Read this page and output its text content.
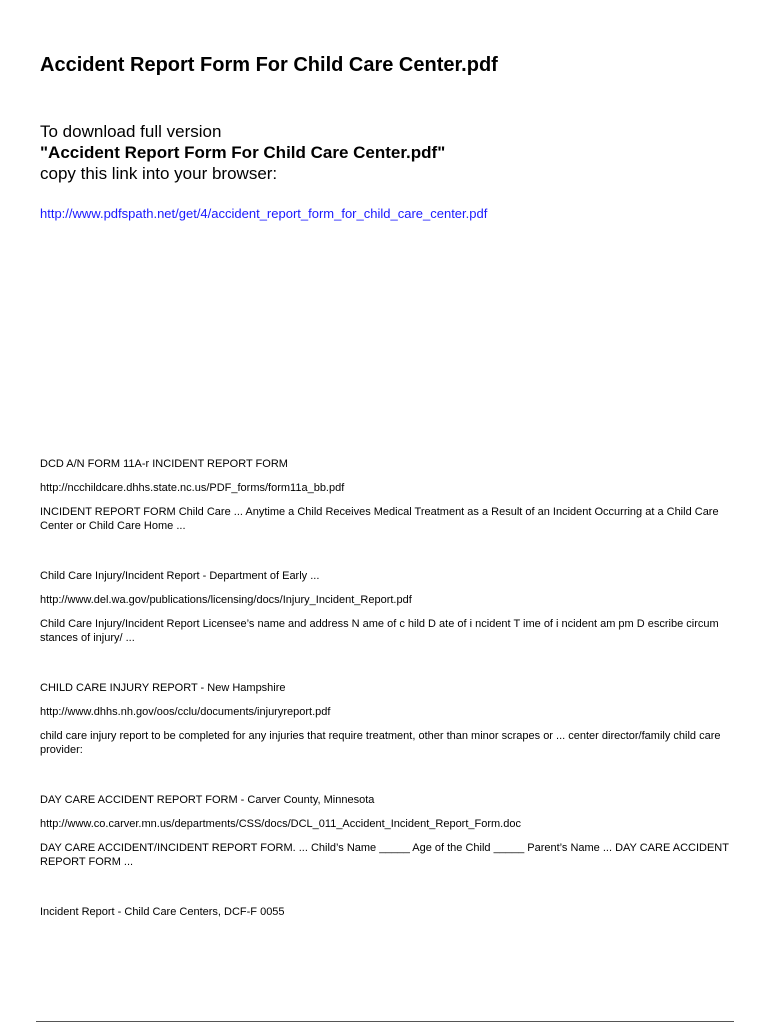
Accident Report Form For Child Care Center.pdf
To download full version
"Accident Report Form For Child Care Center.pdf"
copy this link into your browser:
http://www.pdfspath.net/get/4/accident_report_form_for_child_care_center.pdf
DCD A/N FORM 11A-r INCIDENT REPORT FORM
http://ncchildcare.dhhs.state.nc.us/PDF_forms/form11a_bb.pdf
INCIDENT REPORT FORM Child Care ... Anytime a Child Receives Medical Treatment as a Result of an Incident Occurring at a Child Care Center or Child Care Home ...
Child Care Injury/Incident Report - Department of Early ...
http://www.del.wa.gov/publications/licensing/docs/Injury_Incident_Report.pdf
Child Care Injury/Incident Report Licensee’s name and address N ame of c hild D ate of i ncident T ime of i ncident am pm D escribe circum stances of injury/ ...
CHILD CARE INJURY REPORT - New Hampshire
http://www.dhhs.nh.gov/oos/cclu/documents/injuryreport.pdf
child care injury report to be completed for any injuries that require treatment, other than minor scrapes or ... center director/family child care provider:
DAY CARE ACCIDENT REPORT FORM - Carver County, Minnesota
http://www.co.carver.mn.us/departments/CSS/docs/DCL_011_Accident_Incident_Report_Form.doc
DAY CARE ACCIDENT/INCIDENT REPORT FORM. ... Child’s Name _____ Age of the Child _____ Parent’s Name ... DAY CARE ACCIDENT REPORT FORM ...
Incident Report - Child Care Centers, DCF-F 0055
